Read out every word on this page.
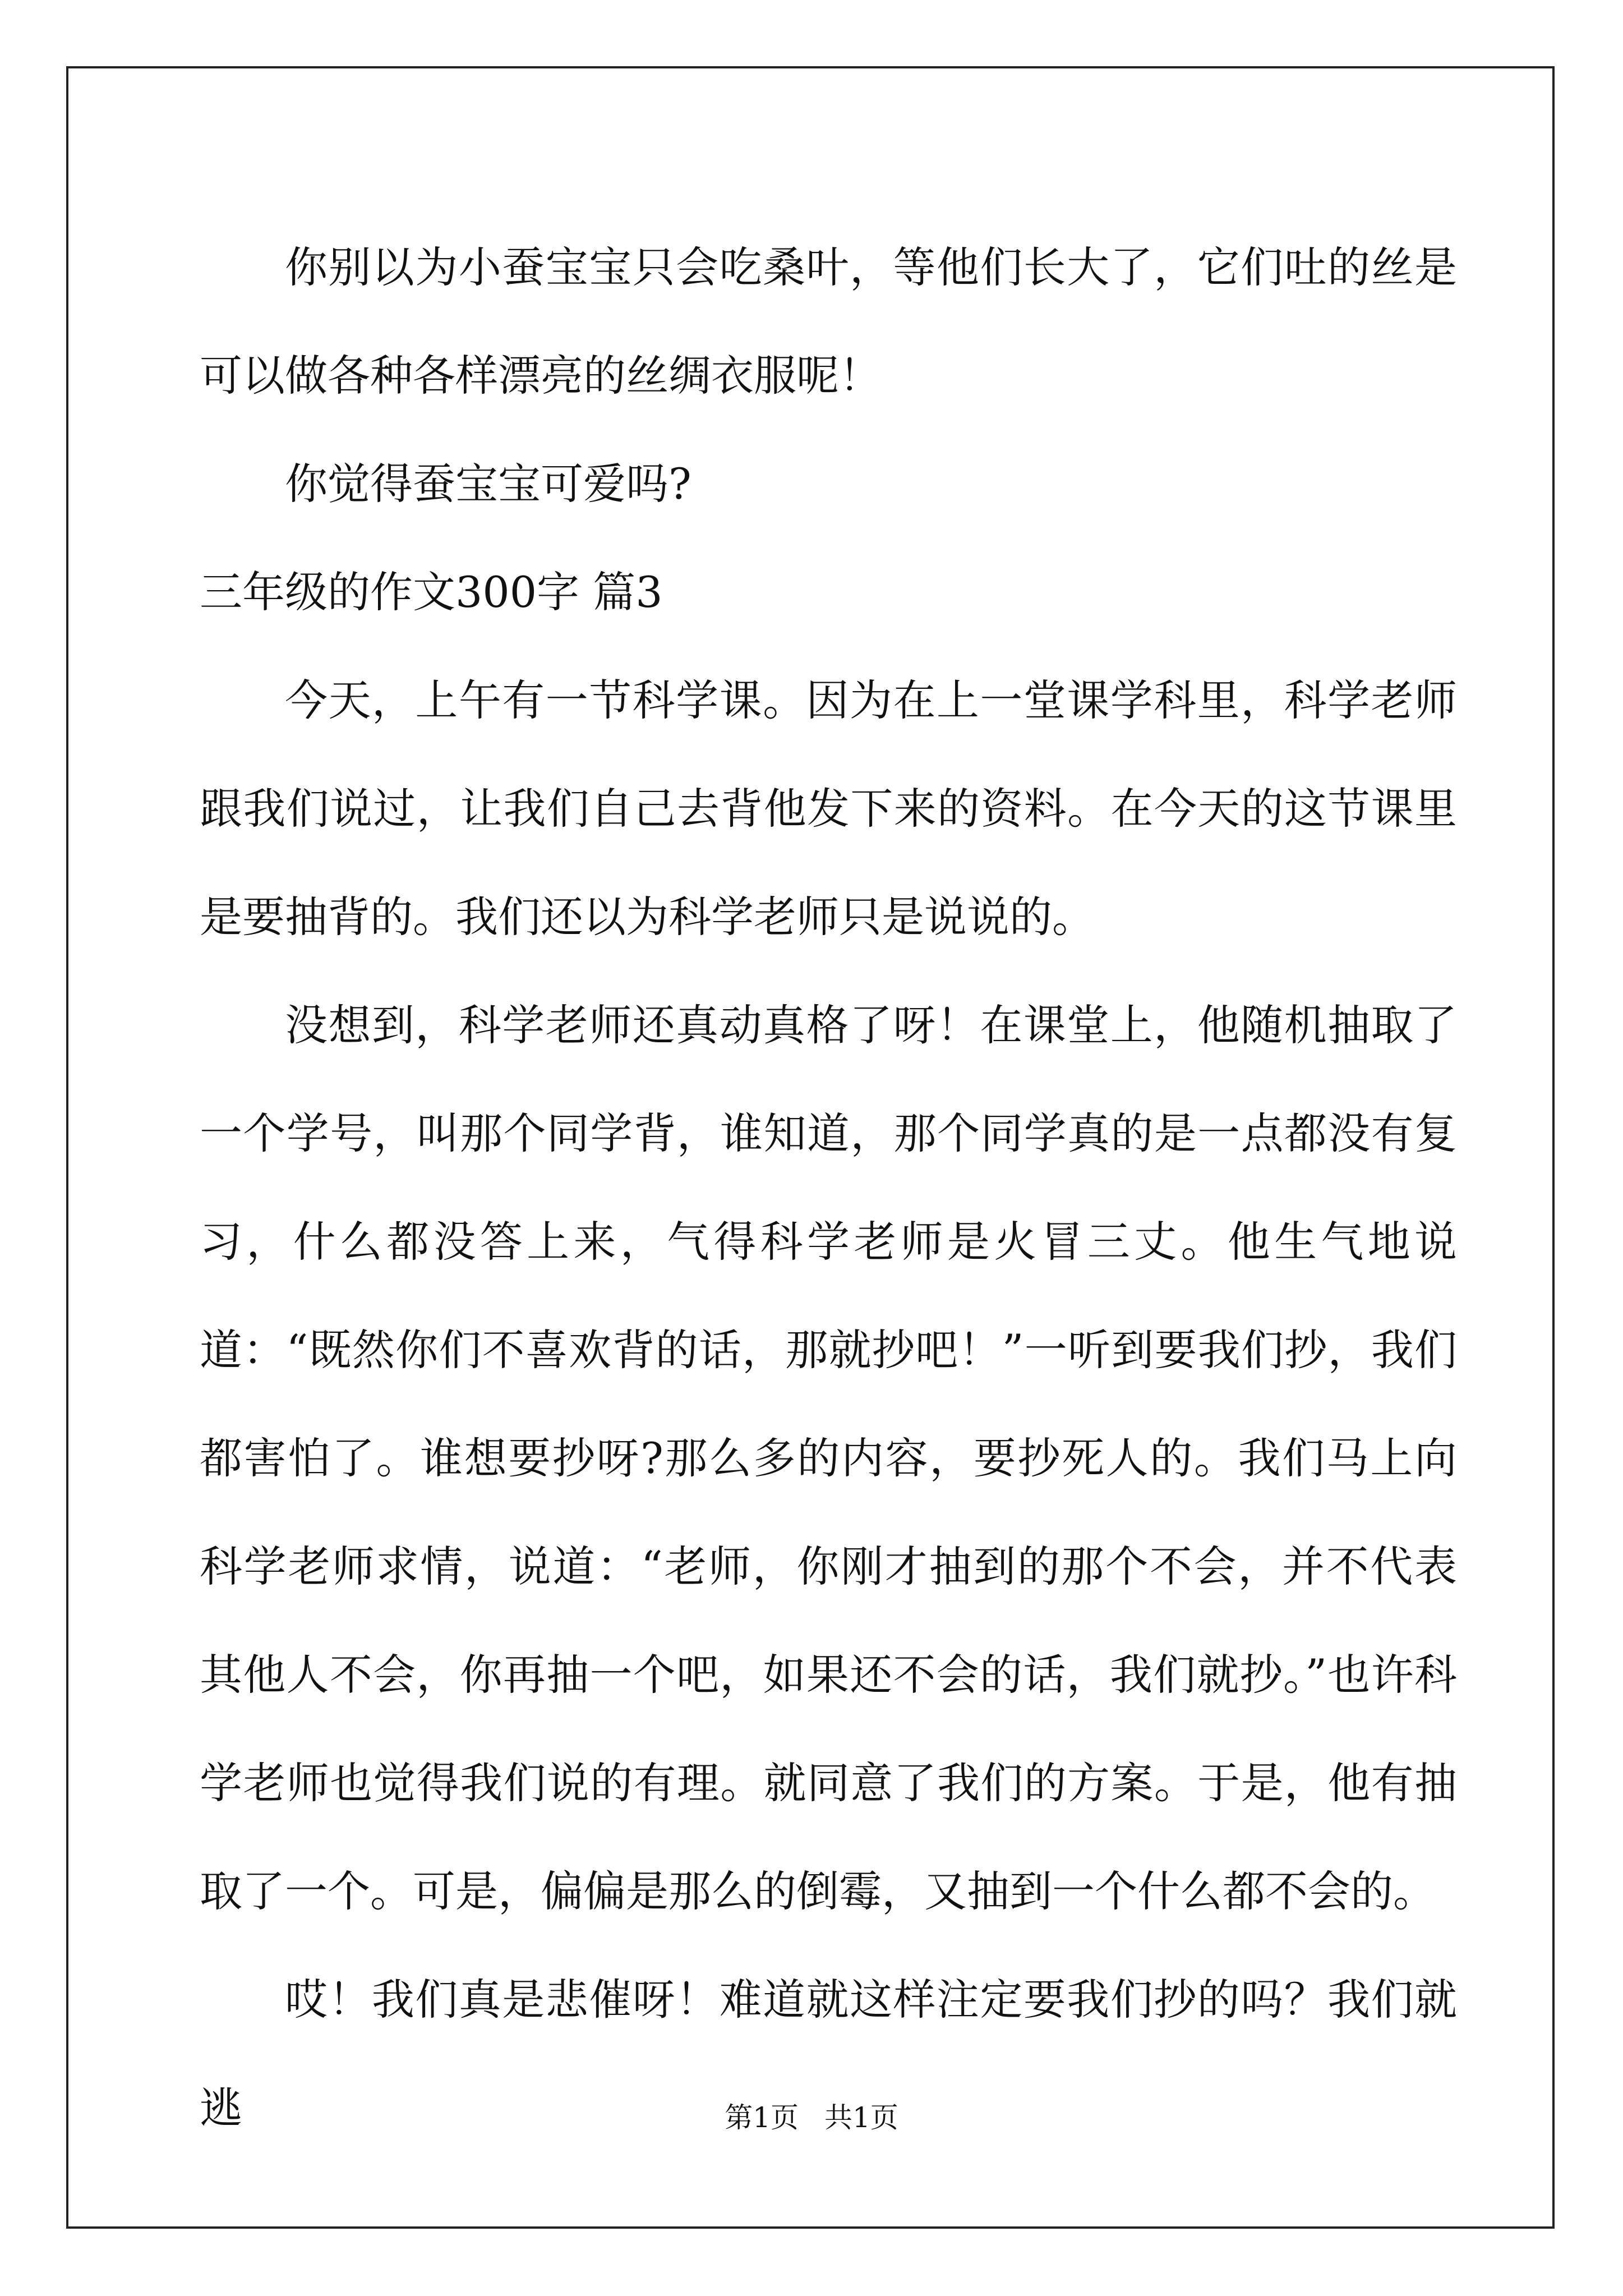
你别以为小蚕宝宝只会吃桑叶，等他们长大了，它们吐的丝是可以做各种各样漂亮的丝绸衣服呢！

你觉得蚕宝宝可爱吗?

三年级的作文300字 篇3

今天，上午有一节科学课。因为在上一堂课学科里，科学老师跟我们说过，让我们自己去背他发下来的资料。在今天的这节课里是要抽背的。我们还以为科学老师只是说说的。

没想到，科学老师还真动真格了呀！在课堂上，他随机抽取了一个学号，叫那个同学背，谁知道，那个同学真的是一点都没有复习，什么都没答上来，气得科学老师是火冒三丈。他生气地说道：“既然你们不喜欢背的话，那就抄吧！”一听到要我们抄，我们都害怕了。谁想要抄呀?那么多的内容，要抄死人的。我们马上向科学老师求情，说道：“老师，你刚才抽到的那个不会，并不代表其他人不会，你再抽一个吧，如果还不会的话，我们就抄。”也许科学老师也觉得我们说的有理。就同意了我们的方案。于是，他有抽取了一个。可是，偏偏是那么的倒霉，又抽到一个什么都不会的。

哎！我们真是悲催呀！难道就这样注定要我们抄的吗？我们就逃	第1页 共1页
